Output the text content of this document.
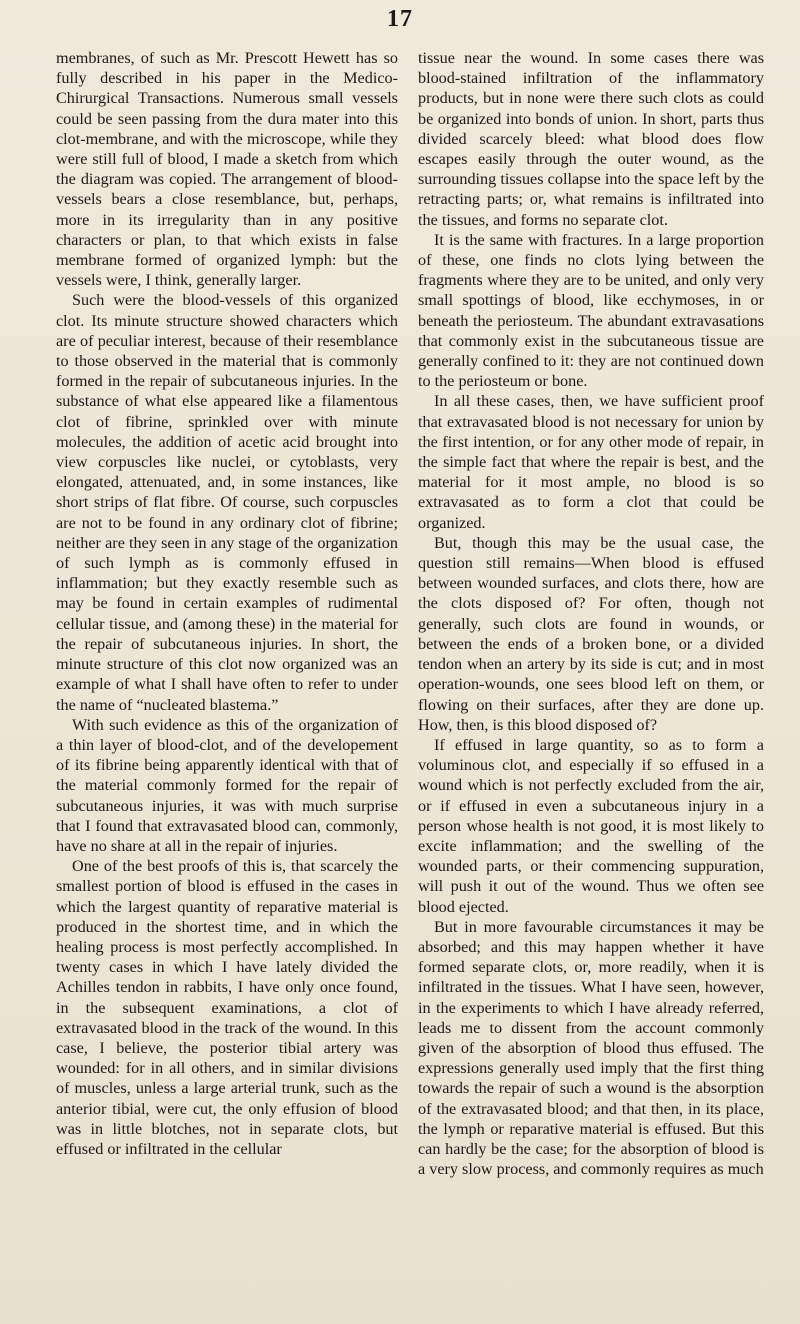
17

membranes, of such as Mr. Prescott Hewett has so fully described in his paper in the Medico-Chirurgical Transactions. Numerous small vessels could be seen passing from the dura mater into this clot-membrane, and with the microscope, while they were still full of blood, I made a sketch from which the diagram was copied. The arrangement of blood-vessels bears a close resemblance, but, perhaps, more in its irregularity than in any positive characters or plan, to that which exists in false membrane formed of organized lymph: but the vessels were, I think, generally larger.

Such were the blood-vessels of this organized clot. Its minute structure showed characters which are of peculiar interest, because of their resemblance to those observed in the material that is commonly formed in the repair of subcutaneous injuries. In the substance of what else appeared like a filamentous clot of fibrine, sprinkled over with minute molecules, the addition of acetic acid brought into view corpuscles like nuclei, or cytoblasts, very elongated, attenuated, and, in some instances, like short strips of flat fibre. Of course, such corpuscles are not to be found in any ordinary clot of fibrine; neither are they seen in any stage of the organization of such lymph as is commonly effused in inflammation; but they exactly resemble such as may be found in certain examples of rudimental cellular tissue, and (among these) in the material for the repair of subcutaneous injuries. In short, the minute structure of this clot now organized was an example of what I shall have often to refer to under the name of “nucleated blastema.”

With such evidence as this of the organization of a thin layer of blood-clot, and of the developement of its fibrine being apparently identical with that of the material commonly formed for the repair of subcutaneous injuries, it was with much surprise that I found that extravasated blood can, commonly, have no share at all in the repair of injuries.

One of the best proofs of this is, that scarcely the smallest portion of blood is effused in the cases in which the largest quantity of reparative material is produced in the shortest time, and in which the healing process is most perfectly accomplished. In twenty cases in which I have lately divided the Achilles tendon in rabbits, I have only once found, in the subsequent examinations, a clot of extravasated blood in the track of the wound. In this case, I believe, the posterior tibial artery was wounded: for in all others, and in similar divisions of muscles, unless a large arterial trunk, such as the anterior tibial, were cut, the only effusion of blood was in little blotches, not in separate clots, but effused or infiltrated in the cellular

tissue near the wound. In some cases there was blood-stained infiltration of the inflammatory products, but in none were there such clots as could be organized into bonds of union. In short, parts thus divided scarcely bleed: what blood does flow escapes easily through the outer wound, as the surrounding tissues collapse into the space left by the retracting parts; or, what remains is infiltrated into the tissues, and forms no separate clot.

It is the same with fractures. In a large proportion of these, one finds no clots lying between the fragments where they are to be united, and only very small spottings of blood, like ecchymoses, in or beneath the periosteum. The abundant extravasations that commonly exist in the subcutaneous tissue are generally confined to it: they are not continued down to the periosteum or bone.

In all these cases, then, we have sufficient proof that extravasated blood is not necessary for union by the first intention, or for any other mode of repair, in the simple fact that where the repair is best, and the material for it most ample, no blood is so extravasated as to form a clot that could be organized.

But, though this may be the usual case, the question still remains—When blood is effused between wounded surfaces, and clots there, how are the clots disposed of? For often, though not generally, such clots are found in wounds, or between the ends of a broken bone, or a divided tendon when an artery by its side is cut; and in most operation-wounds, one sees blood left on them, or flowing on their surfaces, after they are done up. How, then, is this blood disposed of?

If effused in large quantity, so as to form a voluminous clot, and especially if so effused in a wound which is not perfectly excluded from the air, or if effused in even a subcutaneous injury in a person whose health is not good, it is most likely to excite inflammation; and the swelling of the wounded parts, or their commencing suppuration, will push it out of the wound. Thus we often see blood ejected.

But in more favourable circumstances it may be absorbed; and this may happen whether it have formed separate clots, or, more readily, when it is infiltrated in the tissues. What I have seen, however, in the experiments to which I have already referred, leads me to dissent from the account commonly given of the absorption of blood thus effused. The expressions generally used imply that the first thing towards the repair of such a wound is the absorption of the extravasated blood; and that then, in its place, the lymph or reparative material is effused. But this can hardly be the case; for the absorption of blood is a very slow process, and commonly requires as much
